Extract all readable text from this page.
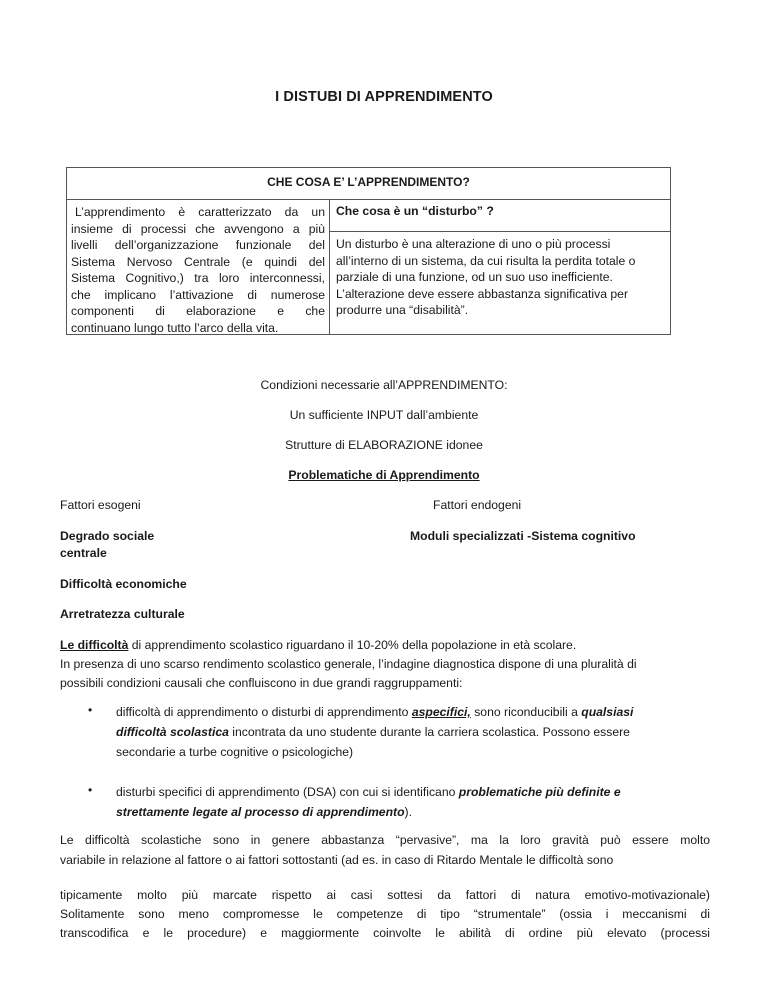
I DISTUBI DI APPRENDIMENTO
CHE COSA E’ L’APPRENDIMENTO?
L’apprendimento è caratterizzato da un
insieme di processi che avvengono a più
livelli dell’organizzazione funzionale del
Sistema Nervoso Centrale (e quindi del
Sistema Cognitivo,) tra loro interconnessi,
che implicano l’attivazione di numerose
componenti di elaborazione e che
continuano lungo tutto l’arco della vita.
Che cosa è un “disturbo” ?
Un disturbo è una alterazione di uno o più processi
all’interno di un sistema, da cui risulta la perdita totale o
parziale di una funzione, od un suo uso inefficiente.
L’alterazione deve essere abbastanza significativa per
produrre una “disabilità”.
Condizioni necessarie all’APPRENDIMENTO:
Un sufficiente INPUT dall’ambiente
Strutture di ELABORAZIONE idonee
Problematiche di Apprendimento
Fattori esogeni	Fattori endogeni
Degrado sociale	Moduli specializzati -Sistema cognitivo
centrale
Difficoltà economiche
Arretratezza culturale
Le difficoltà di apprendimento scolastico riguardano il 10-20% della popolazione in età scolare.
In presenza di uno scarso rendimento scolastico generale, l’indagine diagnostica dispone di una pluralità di
possibili condizioni causali che confluiscono in due grandi raggruppamenti:
• difficoltà di apprendimento o disturbi di apprendimento aspecifici, sono riconducibili a qualsiasi
difficoltà scolastica incontrata da uno studente durante la carriera scolastica. Possono essere
secondarie a turbe cognitive o psicologiche)
• disturbi specifici di apprendimento (DSA) con cui si identificano problematiche più definite e
strettamente legate al processo di apprendimento).
Le difficoltà scolastiche sono in genere abbastanza “pervasive”, ma la loro gravità può essere molto
variabile in relazione al fattore o ai fattori sottostanti (ad es. in caso di Ritardo Mentale le difficoltà sono
tipicamente molto più marcate rispetto ai casi sottesi da fattori di natura emotivo-motivazionale)
Solitamente sono meno compromesse le competenze di tipo “strumentale” (ossia i meccanismi di
transcodifica e le procedure) e maggiormente coinvolte le abilità di ordine più elevato (processi
